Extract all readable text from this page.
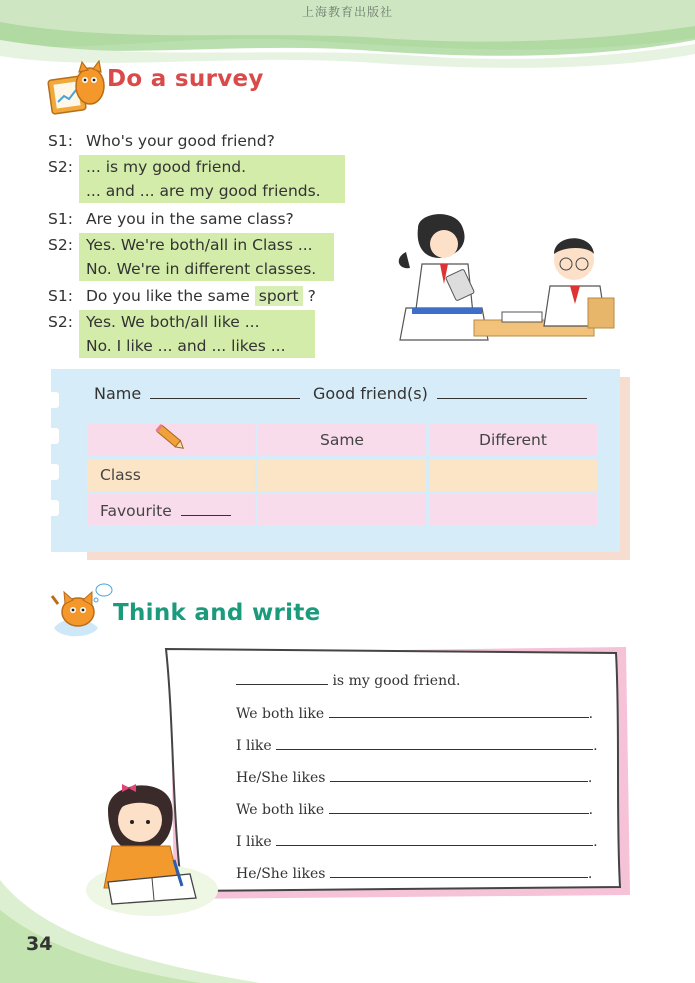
上海教育出版社
Do a survey
S1: Who's your good friend?
S2: ... is my good friend.
... and ... are my good friends.
S1: Are you in the same class?
S2: Yes. We're both/all in Class ...
No. We're in different classes.
S1: Do you like the same sport ?
S2: Yes. We both/all like ...
No. I like ... and ... likes ...
Name	Good friend(s)
	Same	Different
Class		
Favourite		
Think and write
is my good friend.
We both like	.
I like	.
He/She likes	.
We both like	.
I like	.
He/She likes	.
34
